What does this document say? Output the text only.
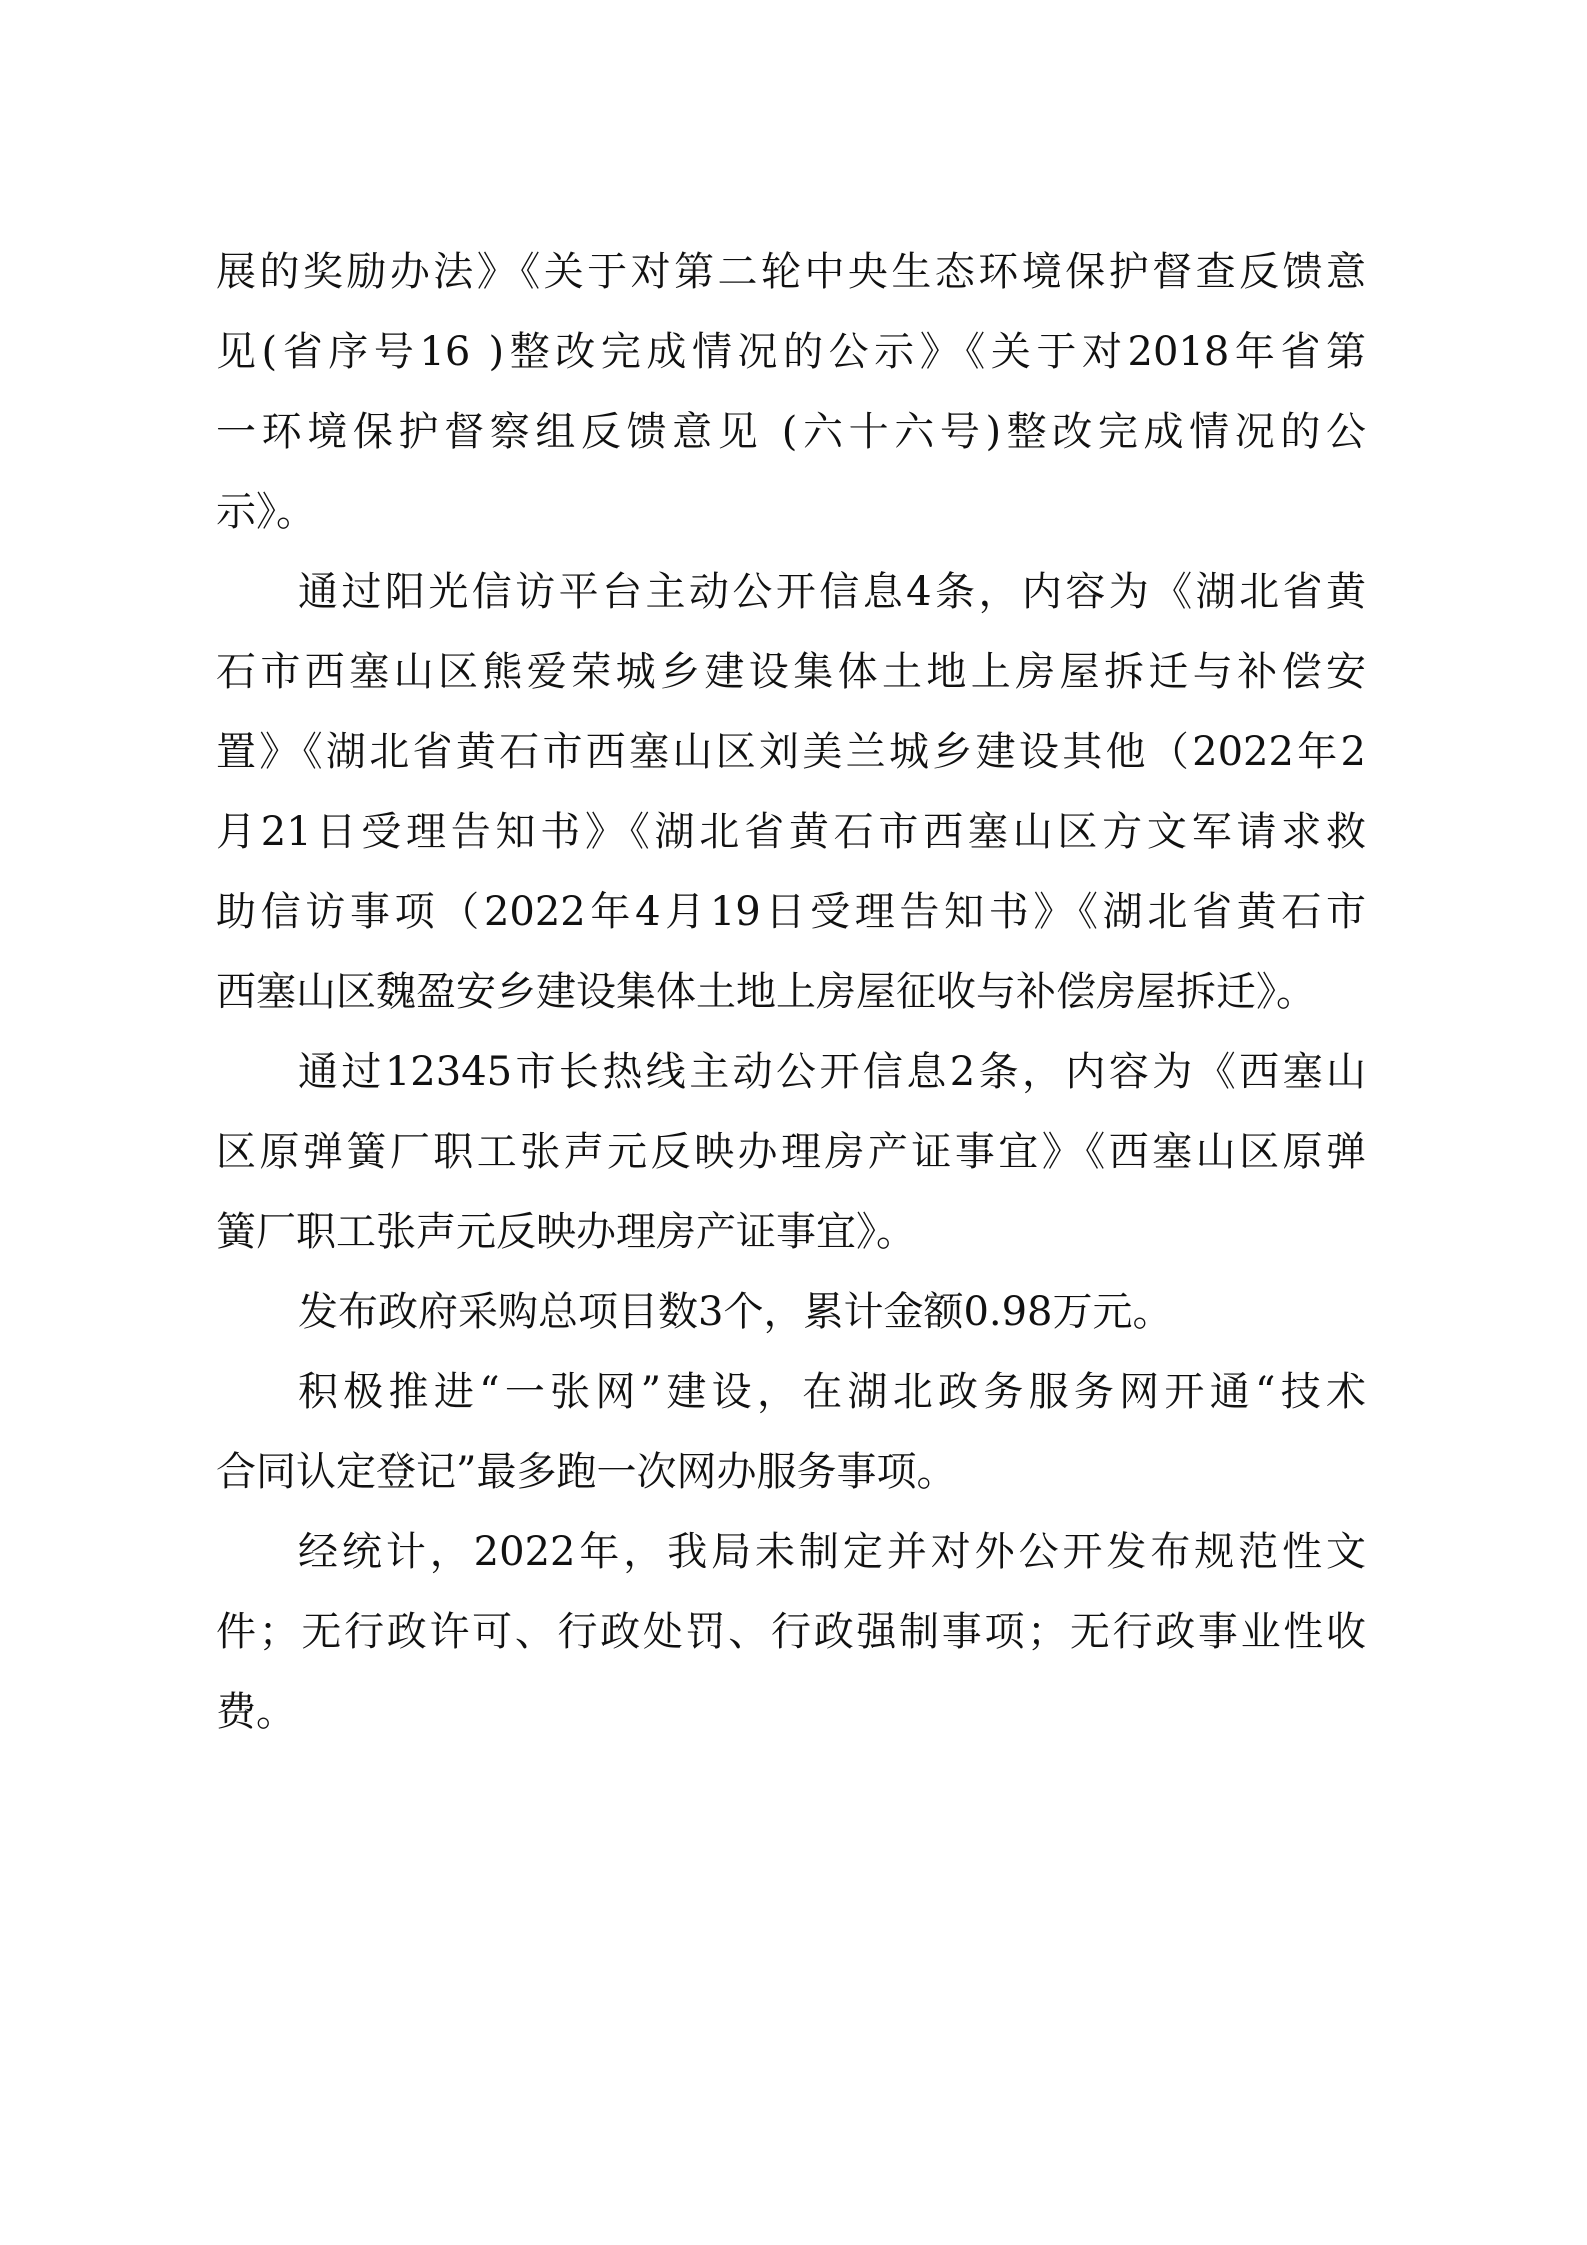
展的奖励办法》《关于对第二轮中央生态环境保护督查反馈意
见(省序号16 )整改完成情况的公示》《关于对2018年省第
一环境保护督察组反馈意见 (六十六号)整改完成情况的公
示》。
通过阳光信访平台主动公开信息4条，内容为《湖北省黄
石市西塞山区熊爱荣城乡建设集体土地上房屋拆迁与补偿安
置》《湖北省黄石市西塞山区刘美兰城乡建设其他（2022年2
月21日受理告知书》《湖北省黄石市西塞山区方文军请求救
助信访事项（2022年4月19日受理告知书》《湖北省黄石市
西塞山区魏盈安乡建设集体土地上房屋征收与补偿房屋拆迁》。
通过12345市长热线主动公开信息2条，内容为《西塞山
区原弹簧厂职工张声元反映办理房产证事宜》《西塞山区原弹
簧厂职工张声元反映办理房产证事宜》。
发布政府采购总项目数3个，累计金额0.98万元。
积极推进“一张网”建设，在湖北政务服务网开通“技术
合同认定登记”最多跑一次网办服务事项。
经统计，2022年，我局未制定并对外公开发布规范性文
件；无行政许可、行政处罚、行政强制事项；无行政事业性收
费。
